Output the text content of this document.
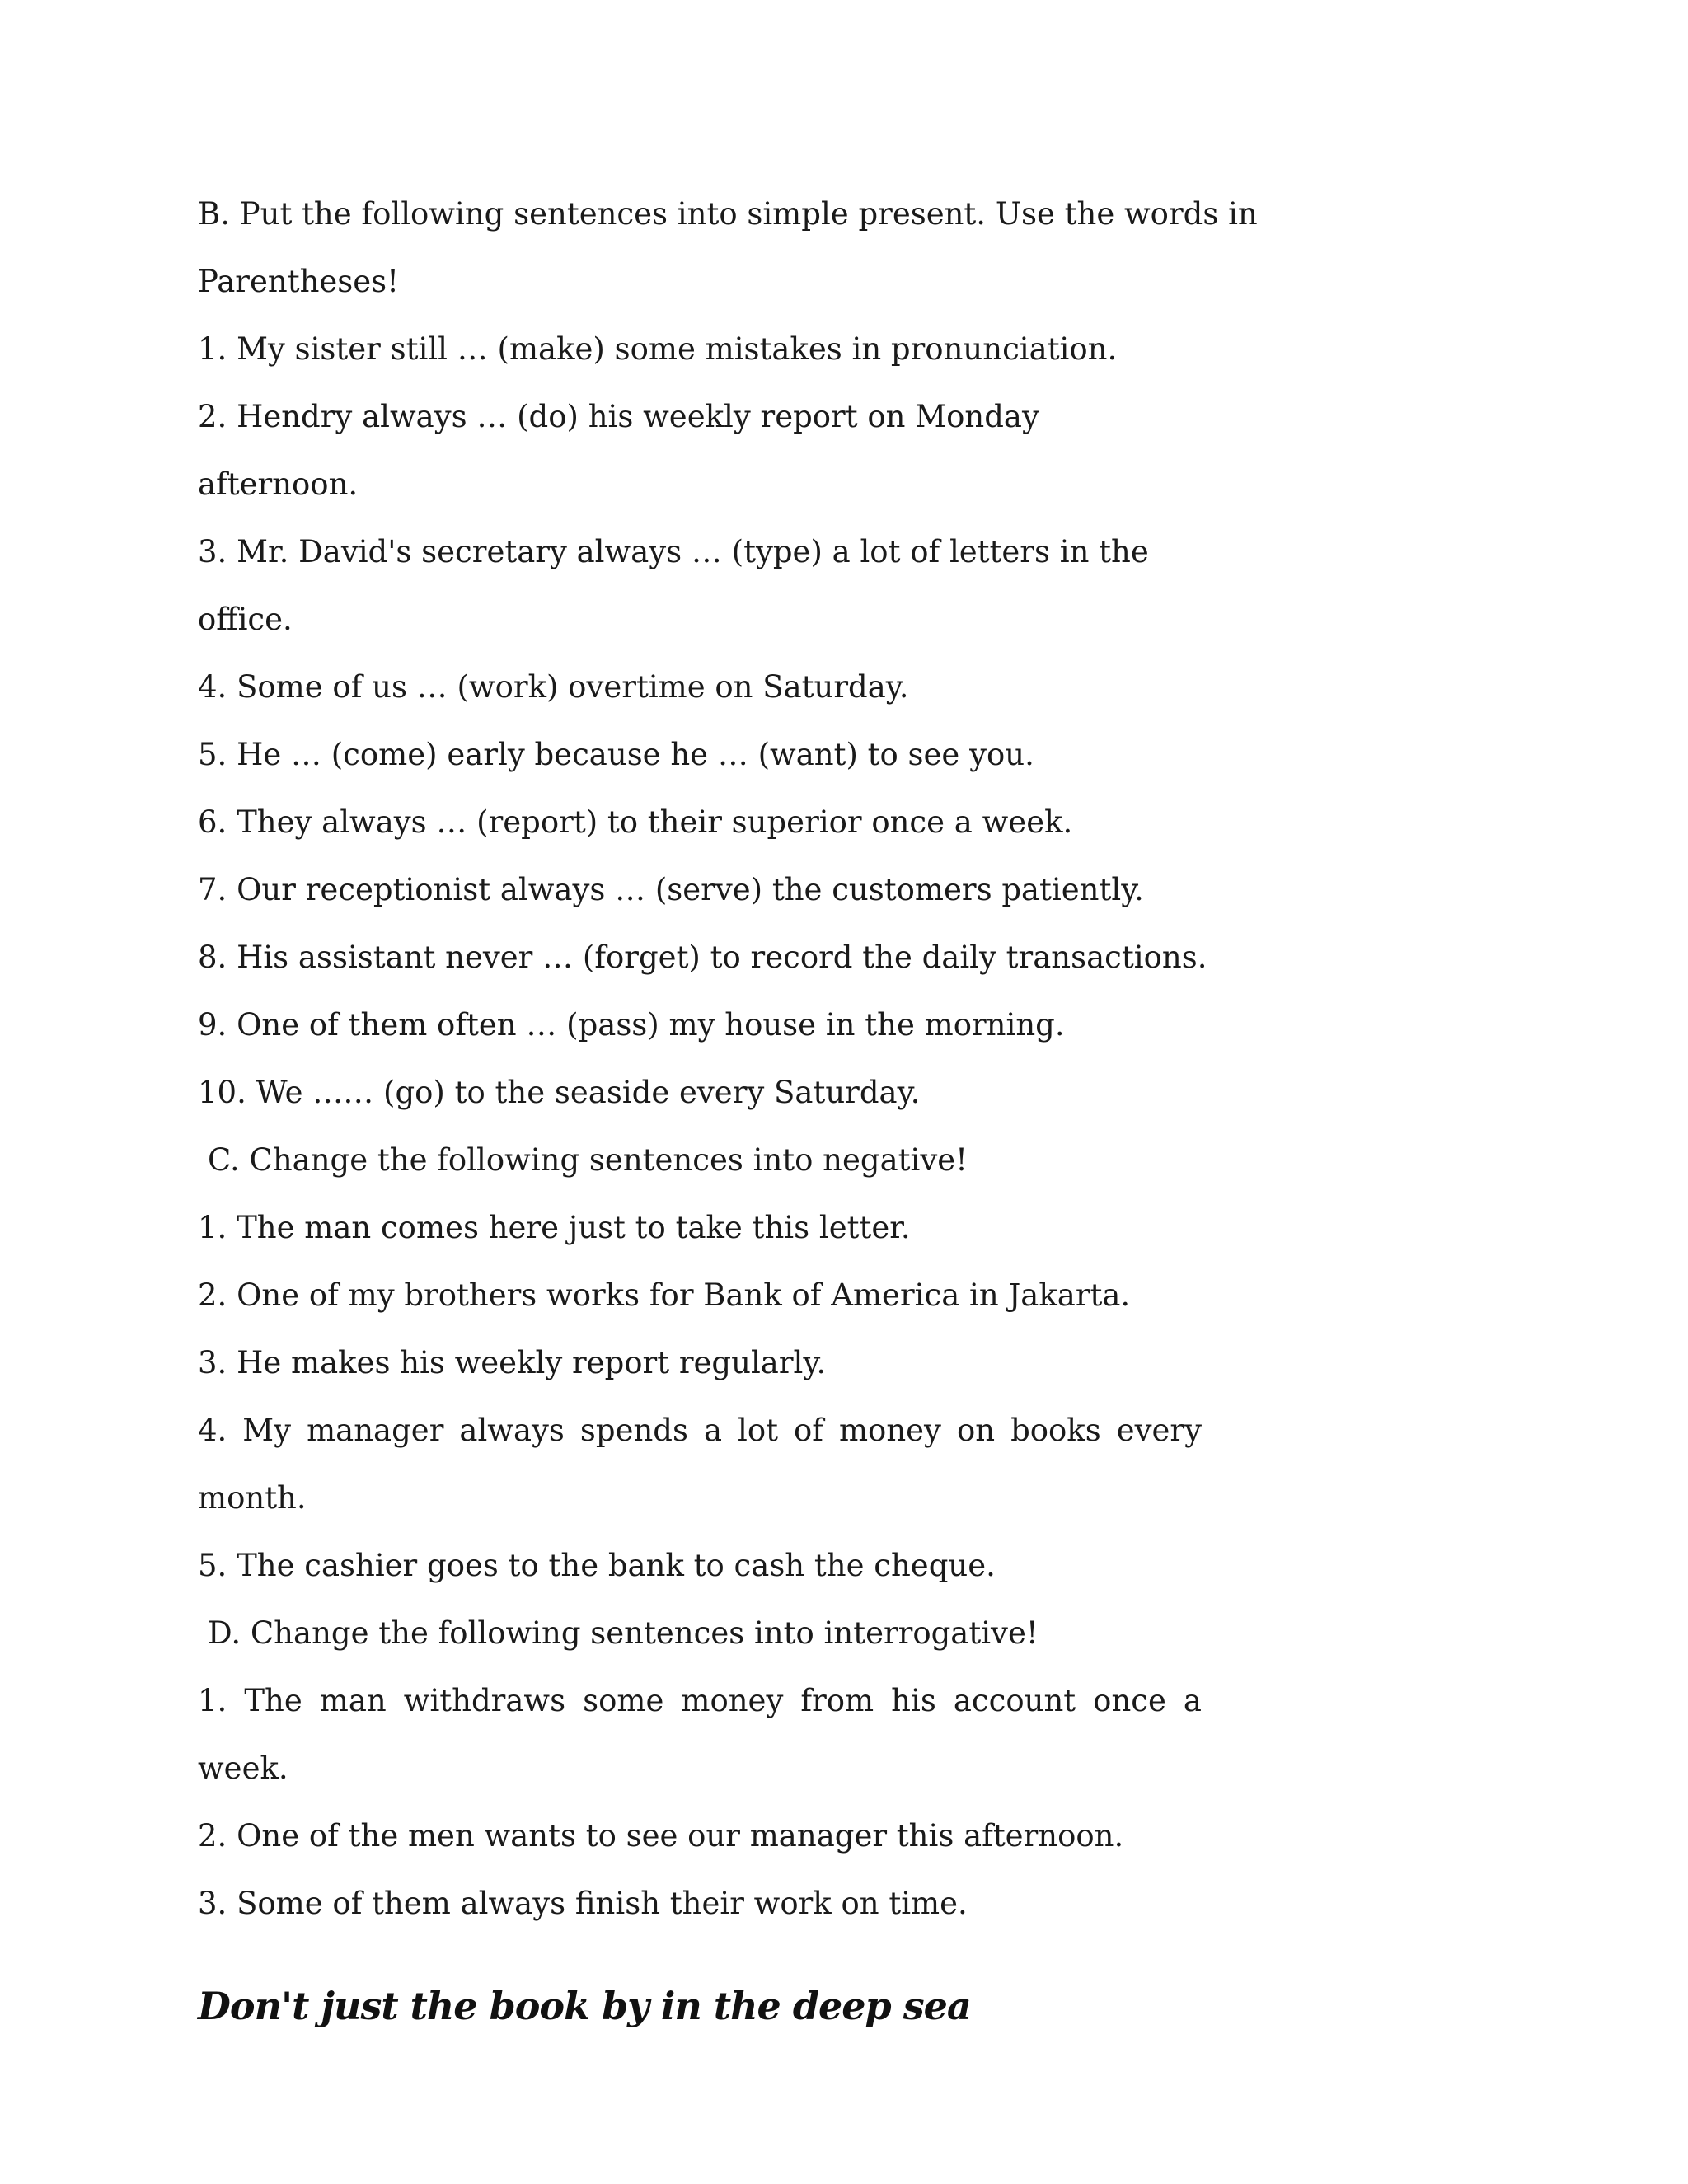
B. Put the following sentences into simple present. Use the words in
Parentheses!
1. My sister still … (make) some mistakes in pronunciation.
2. Hendry always … (do) his weekly report on Monday
afternoon.
3. Mr. David's secretary always … (type) a lot of letters in the
office.
4. Some of us … (work) overtime on Saturday.
5. He … (come) early because he … (want) to see you.
6. They always … (report) to their superior once a week.
7. Our receptionist always … (serve) the customers patiently.
8. His assistant never … (forget) to record the daily transactions.
9. One of them often … (pass) my house in the morning.
10. We …… (go) to the seaside every Saturday.
C. Change the following sentences into negative!
1. The man comes here just to take this letter.
2. One of my brothers works for Bank of America in Jakarta.
3. He makes his weekly report regularly.
4. My manager always spends a lot of money on books every
month.
5. The cashier goes to the bank to cash the cheque.
D. Change the following sentences into interrogative!
1. The man withdraws some money from his account once a
week.
2. One of the men wants to see our manager this afternoon.
3. Some of them always finish their work on time.
Don't just the book by in the deep sea
